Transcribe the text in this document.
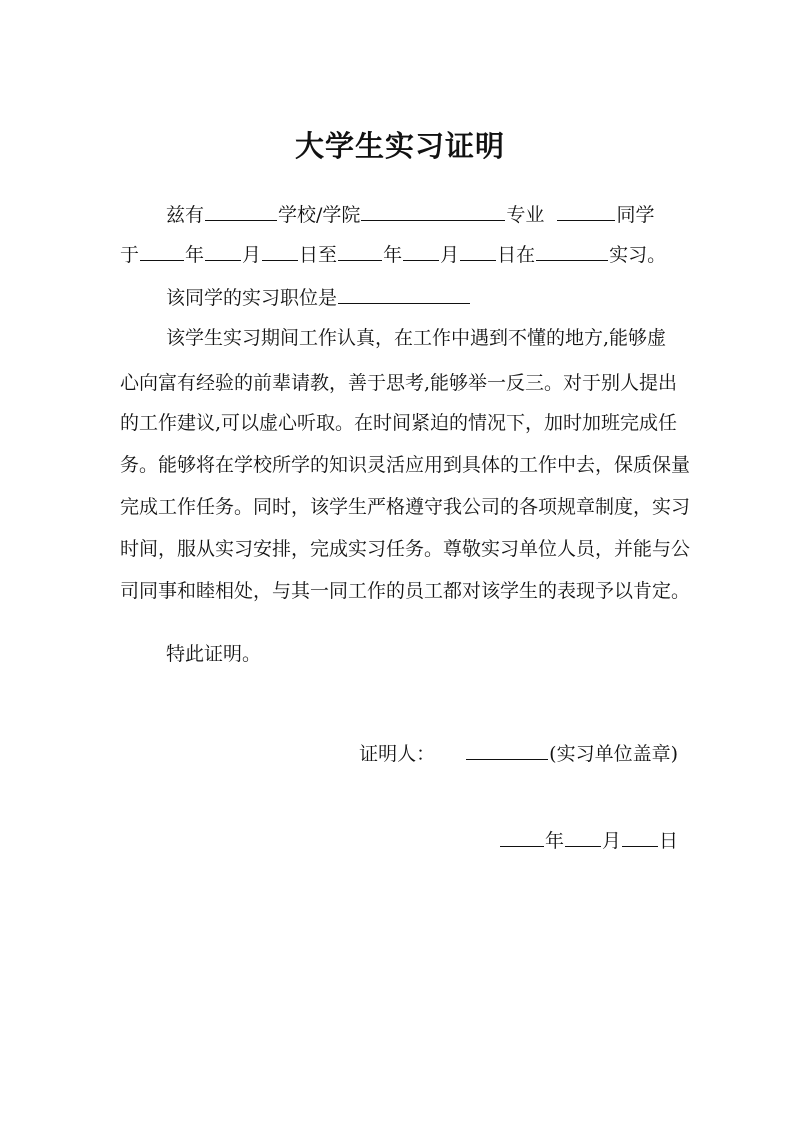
大学生实习证明
兹有	学校/学院	专业	同学
于 年 月 日至 年 月 日在	实习。
该同学的实习职位是
该学生实习期间工作认真，在工作中遇到不懂的地方,能够虚
心向富有经验的前辈请教，善于思考,能够举一反三。对于别人提出
的工作建议,可以虚心听取。在时间紧迫的情况下，加时加班完成任
务。能够将在学校所学的知识灵活应用到具体的工作中去，保质保量
完成工作任务。同时，该学生严格遵守我公司的各项规章制度，实习
时间，服从实习安排，完成实习任务。尊敬实习单位人员，并能与公
司同事和睦相处，与其一同工作的员工都对该学生的表现予以肯定。
特此证明。
证明人：	(实习单位盖章)
年 月 日
